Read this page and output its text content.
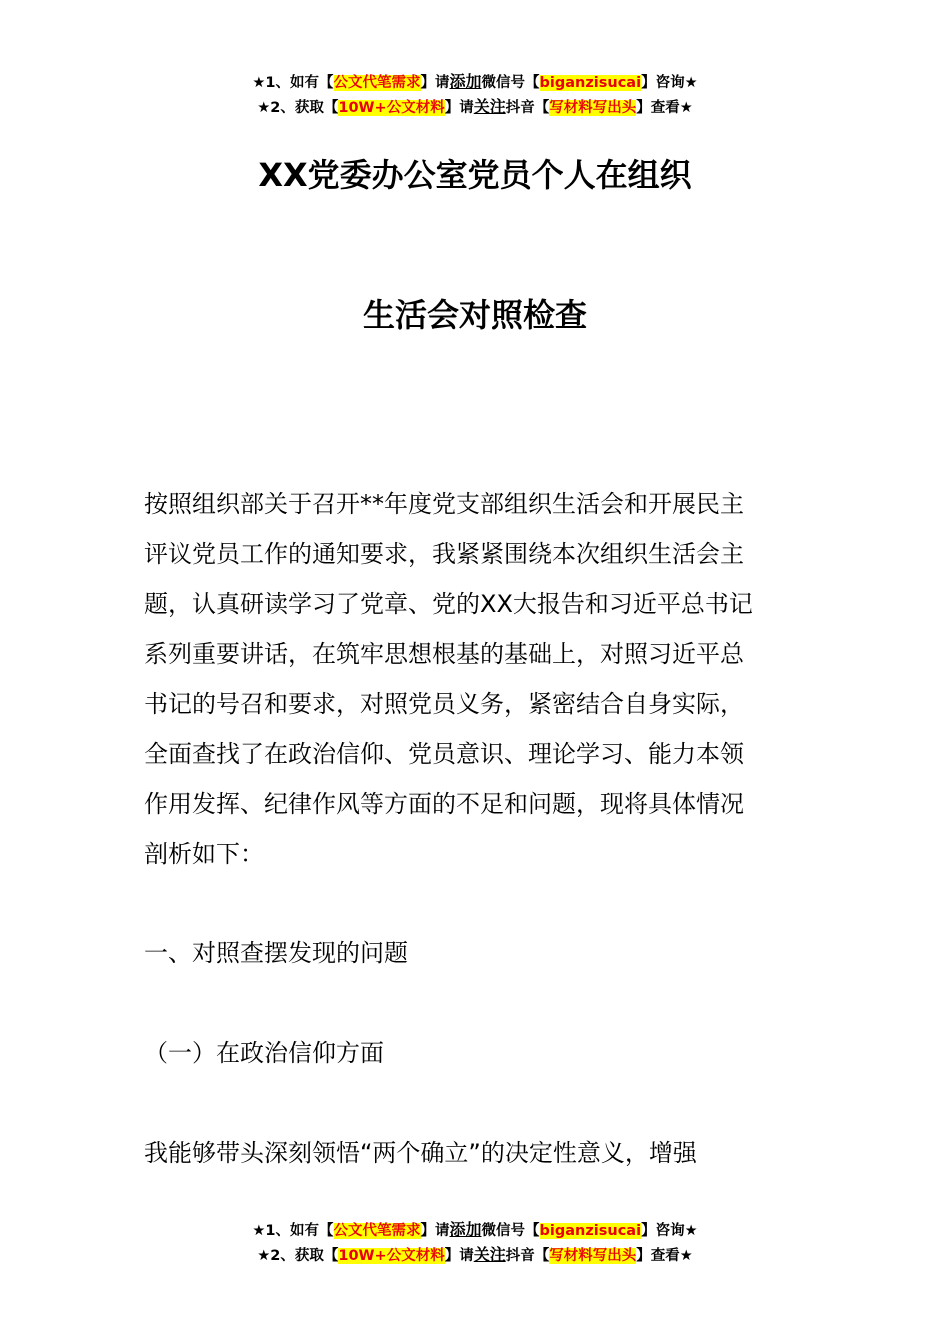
★1、如有【公文代笔需求】请添加微信号【biganzisucai】咨询★
★2、获取【10W+公文材料】请关注抖音【写材料写出头】查看★
XX党委办公室党员个人在组织
生活会对照检查
按照组织部关于召开**年度党支部组织生活会和开展民主
评议党员工作的通知要求，我紧紧围绕本次组织生活会主
题，认真研读学习了党章、党的XX大报告和习近平总书记
系列重要讲话，在筑牢思想根基的基础上，对照习近平总
书记的号召和要求，对照党员义务，紧密结合自身实际，
全面查找了在政治信仰、党员意识、理论学习、能力本领
作用发挥、纪律作风等方面的不足和问题，现将具体情况
剖析如下：
一、对照查摆发现的问题
（一）在政治信仰方面
我能够带头深刻领悟“两个确立”的决定性意义，增强
★1、如有【公文代笔需求】请添加微信号【biganzisucai】咨询★
★2、获取【10W+公文材料】请关注抖音【写材料写出头】查看★
